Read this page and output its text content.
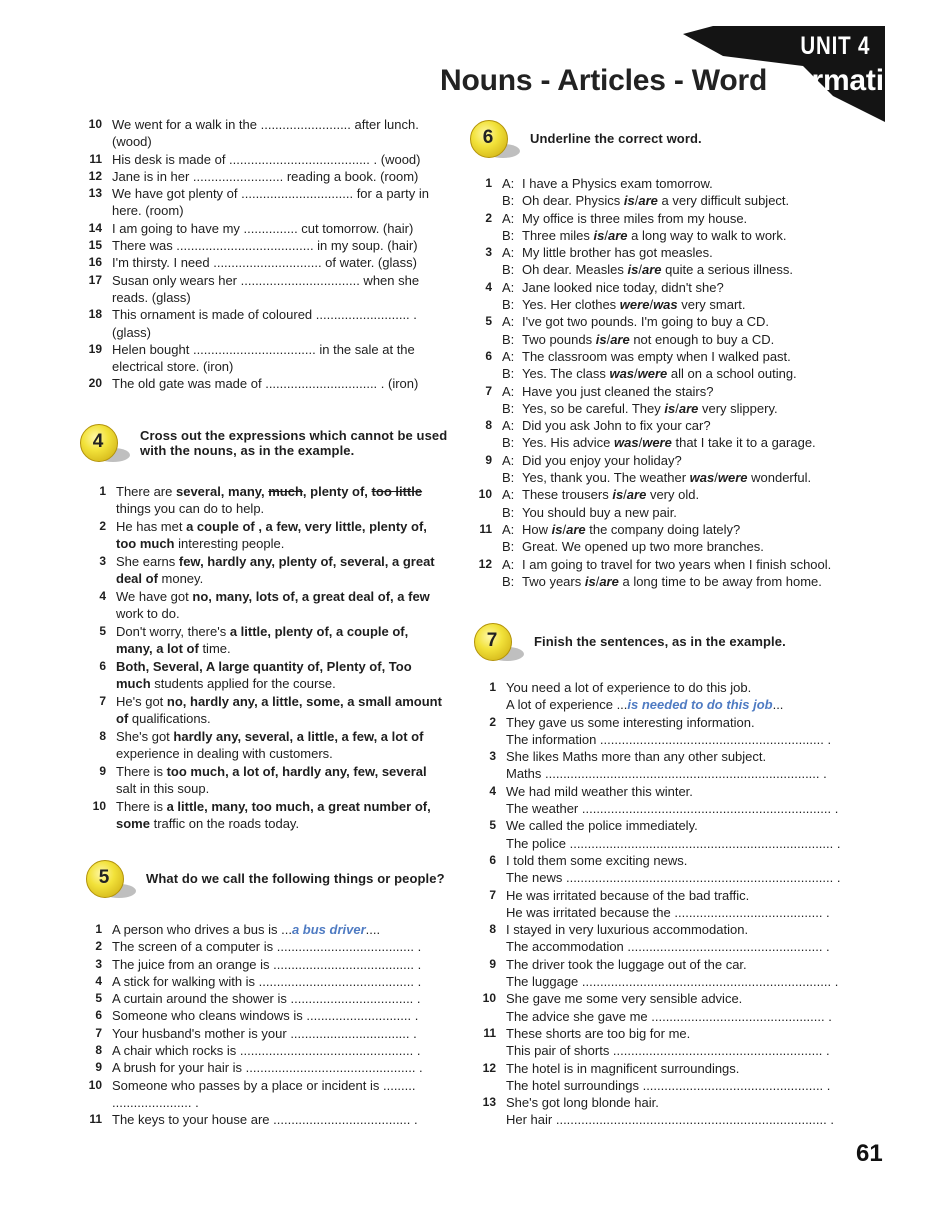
UNIT 4
Nouns - Articles - Word Formation
10 We went for a walk in the ......................... after lunch. (wood)
11 His desk is made of ....................................... . (wood)
12 Jane is in her ......................... reading a book. (room)
13 We have got plenty of ............................... for a party in here. (room)
14 I am going to have my ............... cut tomorrow. (hair)
15 There was ...................................... in my soup. (hair)
16 I'm thirsty. I need .............................. of water. (glass)
17 Susan only wears her ................................. when she reads. (glass)
18 This ornament is made of coloured .......................... . (glass)
19 Helen bought .................................. in the sale at the electrical store. (iron)
20 The old gate was made of ............................... . (iron)
4	Cross out the expressions which cannot be used with the nouns, as in the example.
1 There are several, many, much, plenty of, too little things you can do to help.
2 He has met a couple of , a few, very little, plenty of, too much interesting people.
3 She earns few, hardly any, plenty of, several, a great deal of money.
4 We have got no, many, lots of, a great deal of, a few work to do.
5 Don't worry, there's a little, plenty of, a couple of, many, a lot of time.
6 Both, Several, A large quantity of, Plenty of, Too much students applied for the course.
7 He's got no, hardly any, a little, some, a small amount of qualifications.
8 She's got hardly any, several, a little, a few, a lot of experience in dealing with customers.
9 There is too much, a lot of, hardly any, few, several salt in this soup.
10 There is a little, many, too much, a great number of, some traffic on the roads today.
5	What do we call the following things or people?
1 A person who drives a bus is ...a bus driver....
2 The screen of a computer is ...................................... .
3 The juice from an orange is ....................................... .
4 A stick for walking with is ........................................... .
5 A curtain around the shower is .................................. .
6 Someone who cleans windows is ............................. .
7 Your husband's mother is your ................................. .
8 A chair which rocks is ................................................ .
9 A brush for your hair is ............................................... .
10 Someone who passes by a place or incident is ......... ...................... .
11 The keys to your house are ...................................... .
6	Underline the correct word.
1 A: I have a Physics exam tomorrow.
B: Oh dear. Physics is/are a very difficult subject.
2 A: My office is three miles from my house.
B: Three miles is/are a long way to walk to work.
3 A: My little brother has got measles.
B: Oh dear. Measles is/are quite a serious illness.
4 A: Jane looked nice today, didn't she?
B: Yes. Her clothes were/was very smart.
5 A: I've got two pounds. I'm going to buy a CD.
B: Two pounds is/are not enough to buy a CD.
6 A: The classroom was empty when I walked past.
B: Yes. The class was/were all on a school outing.
7 A: Have you just cleaned the stairs?
B: Yes, so be careful. They is/are very slippery.
8 A: Did you ask John to fix your car?
B: Yes. His advice was/were that I take it to a garage.
9 A: Did you enjoy your holiday?
B: Yes, thank you. The weather was/were wonderful.
10 A: These trousers is/are very old.
B: You should buy a new pair.
11 A: How is/are the company doing lately?
B: Great. We opened up two more branches.
12 A: I am going to travel for two years when I finish school.
B: Two years is/are a long time to be away from home.
7	Finish the sentences, as in the example.
1 You need a lot of experience to do this job.
A lot of experience ...is needed to do this job...
2 They gave us some interesting information.
The information .............................................................. .
3 She likes Maths more than any other subject.
Maths ............................................................................ .
4 We had mild weather this winter.
The weather ..................................................................... .
5 We called the police immediately.
The police ......................................................................... .
6 I told them some exciting news.
The news .......................................................................... .
7 He was irritated because of the bad traffic.
He was irritated because the ......................................... .
8 I stayed in very luxurious accommodation.
The accommodation ...................................................... .
9 The driver took the luggage out of the car.
The luggage ..................................................................... .
10 She gave me some very sensible advice.
The advice she gave me ................................................ .
11 These shorts are too big for me.
This pair of shorts .......................................................... .
12 The hotel is in magnificent surroundings.
The hotel surroundings .................................................. .
13 She's got long blonde hair.
Her hair ........................................................................... .
61
